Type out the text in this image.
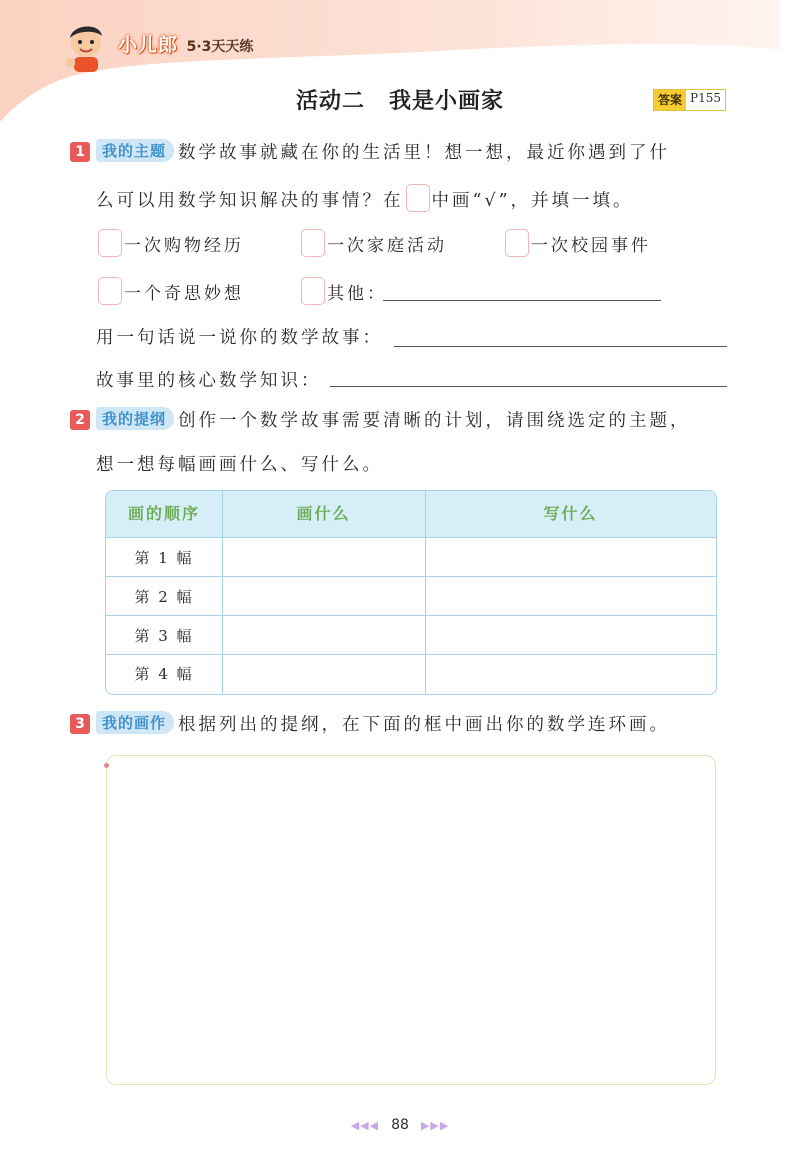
小儿郎 5·3天天练
活动二 我是小画家	答案 P155
1 我的主题 数学故事就藏在你的生活里！想一想，最近你遇到了什
么可以用数学知识解决的事情？在 中画“√”，并填一填。
一次购物经历	一次家庭活动	一次校园事件
一个奇思妙想	其他：
用一句话说一说你的数学故事：
故事里的核心数学知识：
2 我的提纲 创作一个数学故事需要清晰的计划，请围绕选定的主题，
想一想每幅画画什么、写什么。
画的顺序	画什么	写什么
第 1 幅
第 2 幅
第 3 幅
第 4 幅
3 我的画作 根据列出的提纲，在下面的框中画出你的数学连环画。
◀◀◀ 88 ▶▶▶
